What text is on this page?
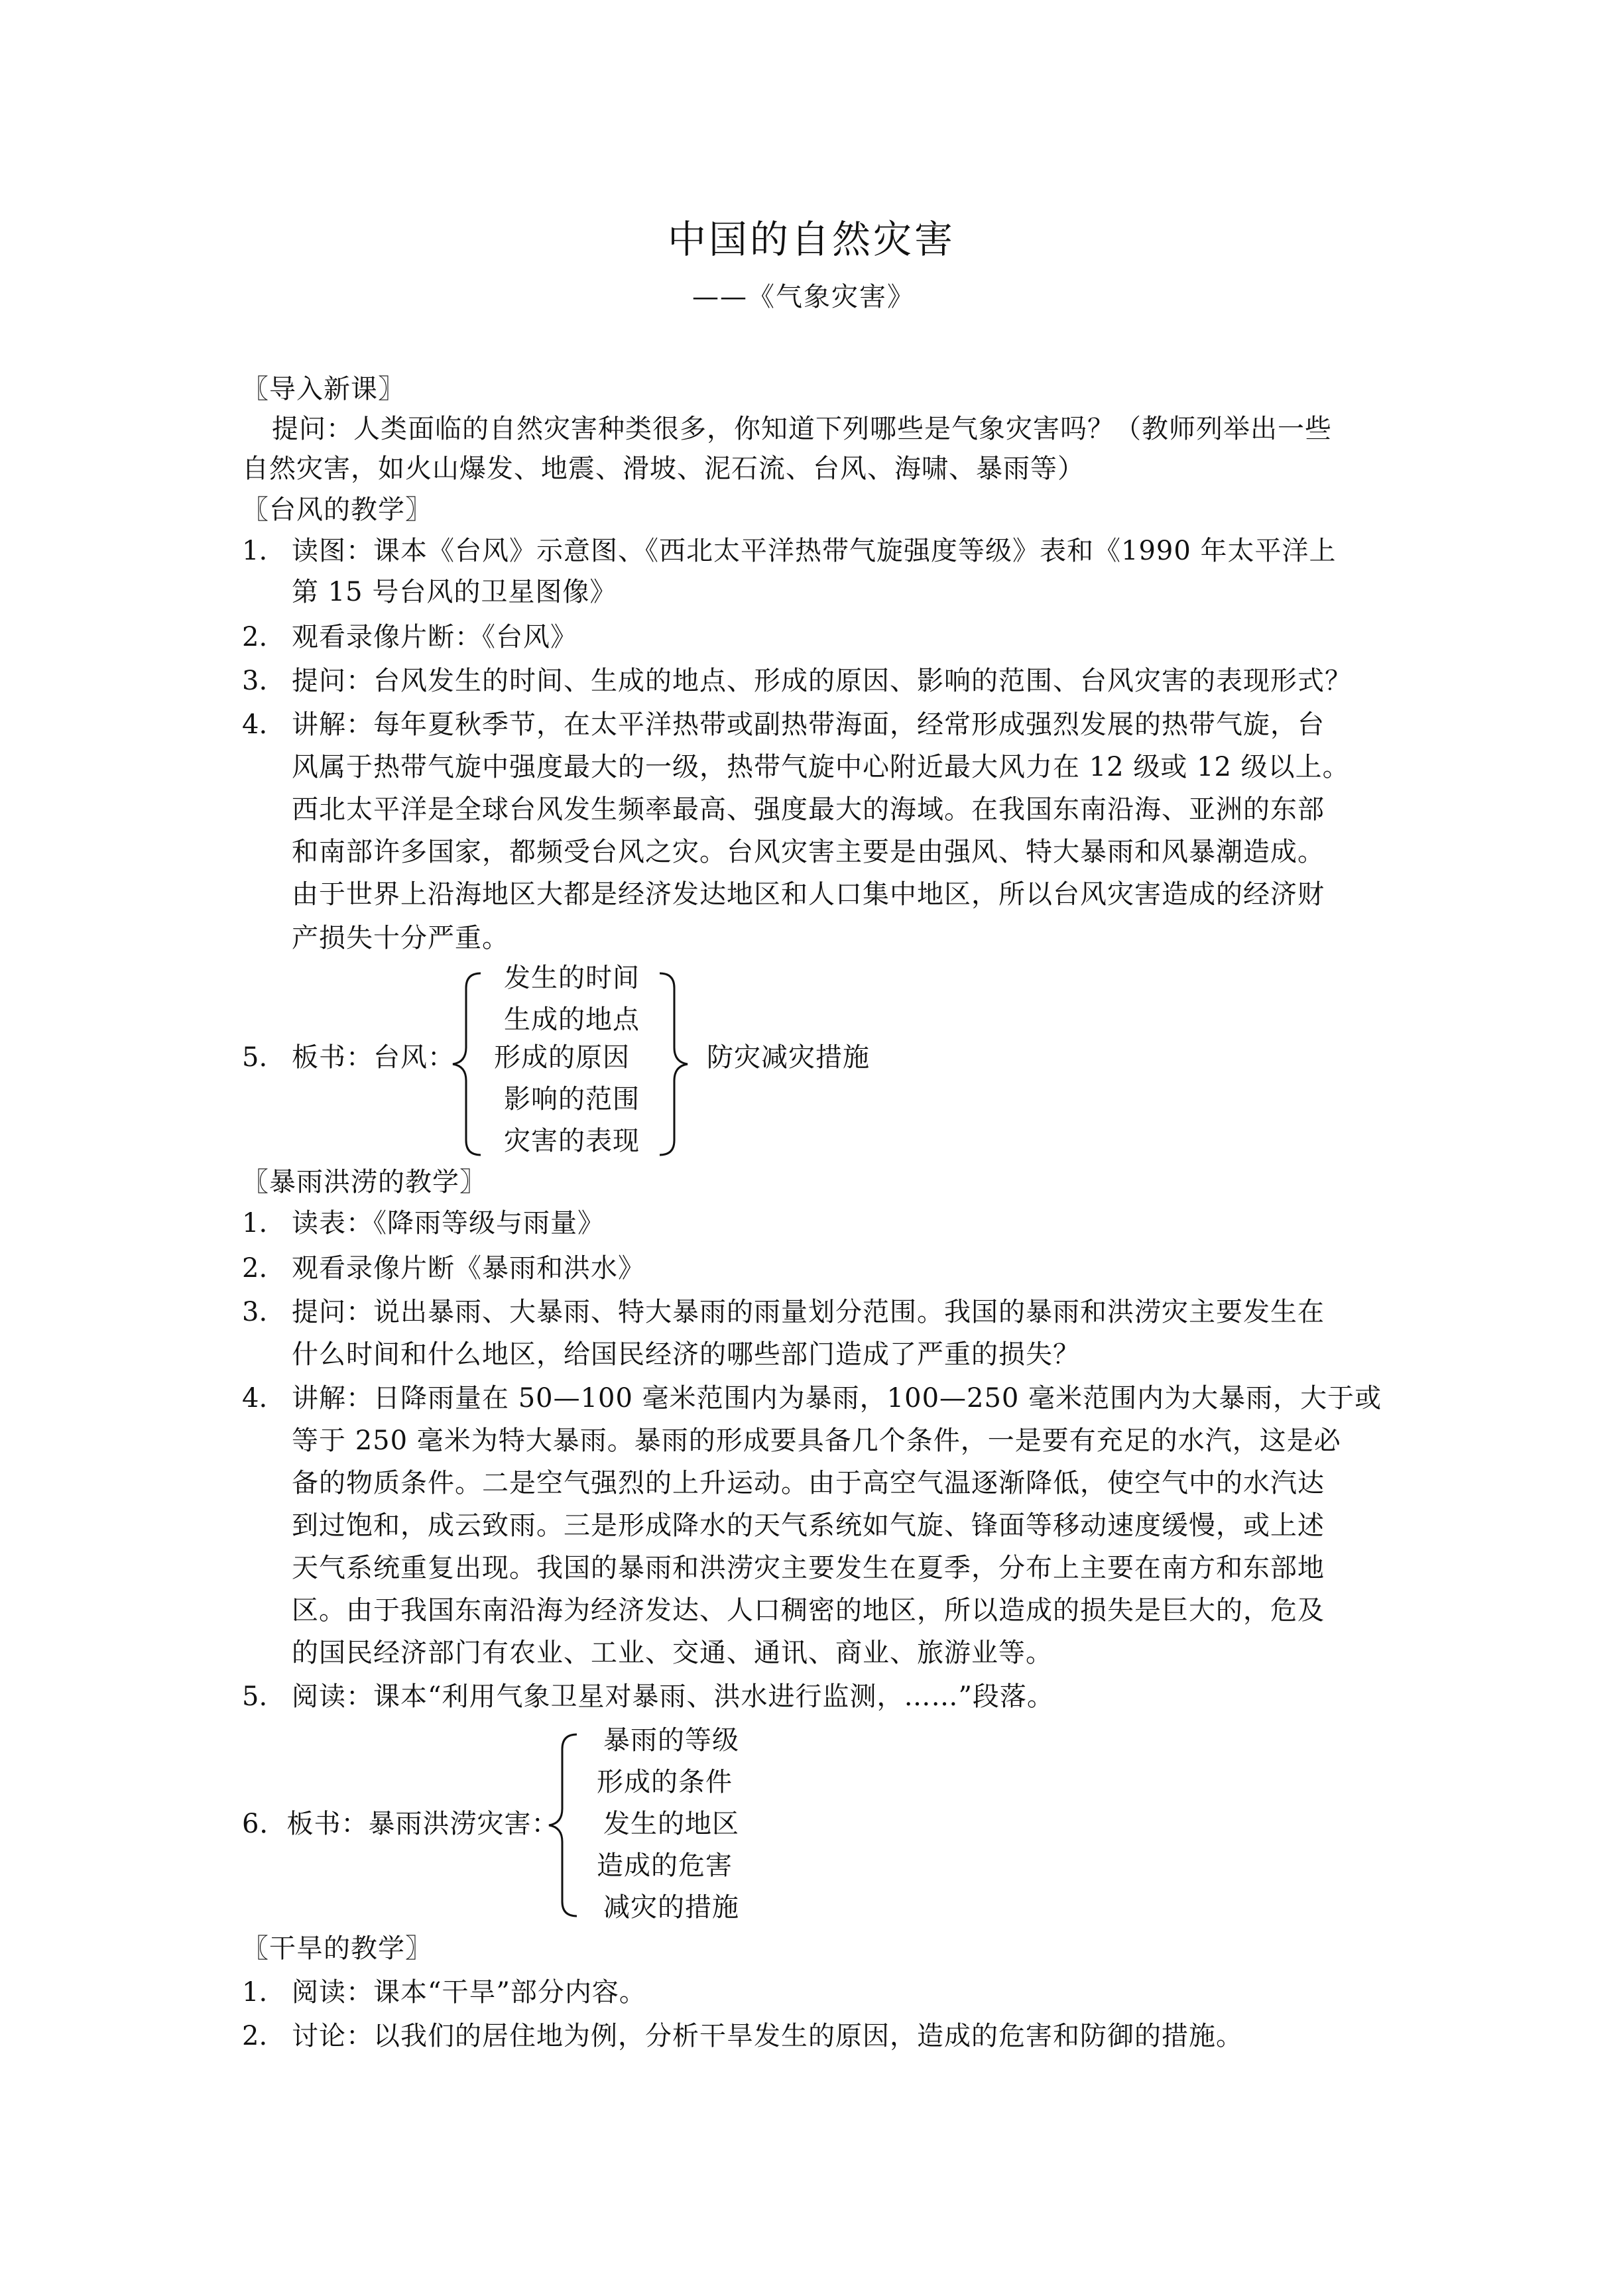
中国的自然灾害
——《气象灾害》
〖导入新课〗
提问：人类面临的自然灾害种类很多，你知道下列哪些是气象灾害吗？（教师列举出一些
自然灾害，如火山爆发、地震、滑坡、泥石流、台风、海啸、暴雨等）
〖台风的教学〗
1. 读图：课本《台风》示意图、《西北太平洋热带气旋强度等级》表和《1990 年太平洋上
第 15 号台风的卫星图像》
2. 观看录像片断：《台风》
3. 提问：台风发生的时间、生成的地点、形成的原因、影响的范围、台风灾害的表现形式？
4. 讲解：每年夏秋季节，在太平洋热带或副热带海面，经常形成强烈发展的热带气旋，台
风属于热带气旋中强度最大的一级，热带气旋中心附近最大风力在 12 级或 12 级以上。
西北太平洋是全球台风发生频率最高、强度最大的海域。在我国东南沿海、亚洲的东部
和南部许多国家，都频受台风之灾。台风灾害主要是由强风、特大暴雨和风暴潮造成。
由于世界上沿海地区大都是经济发达地区和人口集中地区，所以台风灾害造成的经济财
产损失十分严重。
5. 板书：台风：
发生的时间
生成的地点
形成的原因
影响的范围
灾害的表现
防灾减灾措施
〖暴雨洪涝的教学〗
1. 读表：《降雨等级与雨量》
2. 观看录像片断《暴雨和洪水》
3. 提问：说出暴雨、大暴雨、特大暴雨的雨量划分范围。我国的暴雨和洪涝灾主要发生在
什么时间和什么地区，给国民经济的哪些部门造成了严重的损失？
4. 讲解：日降雨量在 50—100 毫米范围内为暴雨，100—250 毫米范围内为大暴雨，大于或
等于 250 毫米为特大暴雨。暴雨的形成要具备几个条件，一是要有充足的水汽，这是必
备的物质条件。二是空气强烈的上升运动。由于高空气温逐渐降低，使空气中的水汽达
到过饱和，成云致雨。三是形成降水的天气系统如气旋、锋面等移动速度缓慢，或上述
天气系统重复出现。我国的暴雨和洪涝灾主要发生在夏季，分布上主要在南方和东部地
区。由于我国东南沿海为经济发达、人口稠密的地区，所以造成的损失是巨大的，危及
的国民经济部门有农业、工业、交通、通讯、商业、旅游业等。
5. 阅读：课本“利用气象卫星对暴雨、洪水进行监测，……”段落。
6．板书：暴雨洪涝灾害：
暴雨的等级
形成的条件
发生的地区
造成的危害
减灾的措施
〖干旱的教学〗
1. 阅读：课本“干旱”部分内容。
2. 讨论：以我们的居住地为例，分析干旱发生的原因，造成的危害和防御的措施。
